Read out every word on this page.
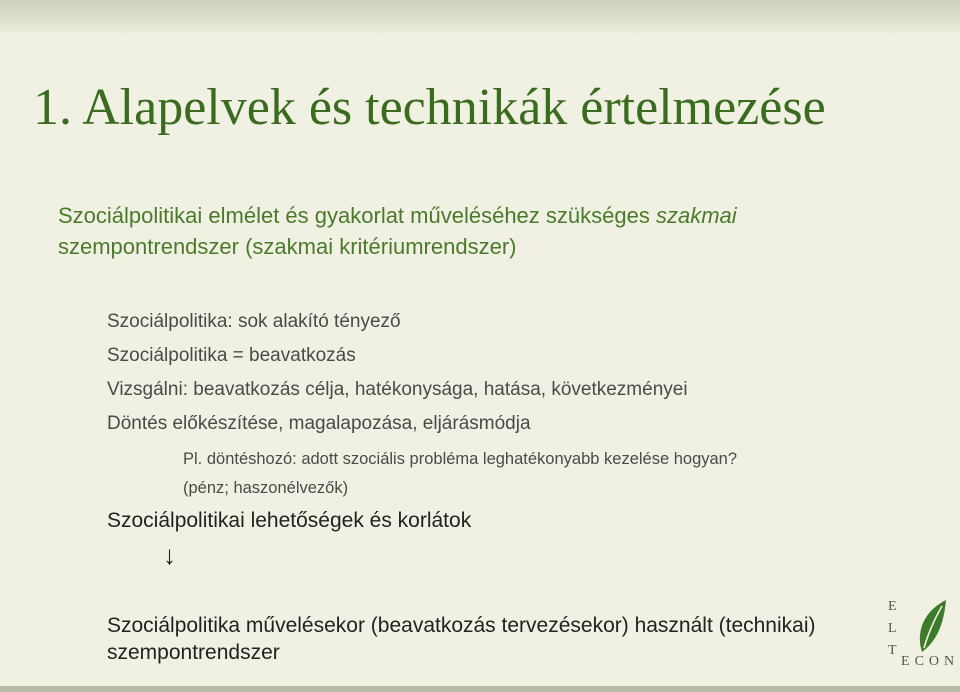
1. Alapelvek és technikák értelmezése
Szociálpolitikai elmélet és gyakorlat műveléséhez szükséges szakmai szempontrendszer (szakmai kritériumrendszer)
Szociálpolitika: sok alakító tényező
Szociálpolitika = beavatkozás
Vizsgálni: beavatkozás célja, hatékonysága, hatása, következményei
Döntés előkészítése, magalapozása, eljárásmódja
Pl. döntéshozó: adott szociális probléma leghatékonyabb kezelése hogyan?
(pénz; haszonélvezők)
Szociálpolitikai lehetőségek és korlátok
↓
Szociálpolitika művelésekor (beavatkozás tervezésekor) használt (technikai) szempontrendszer
E
L
T
ECON
